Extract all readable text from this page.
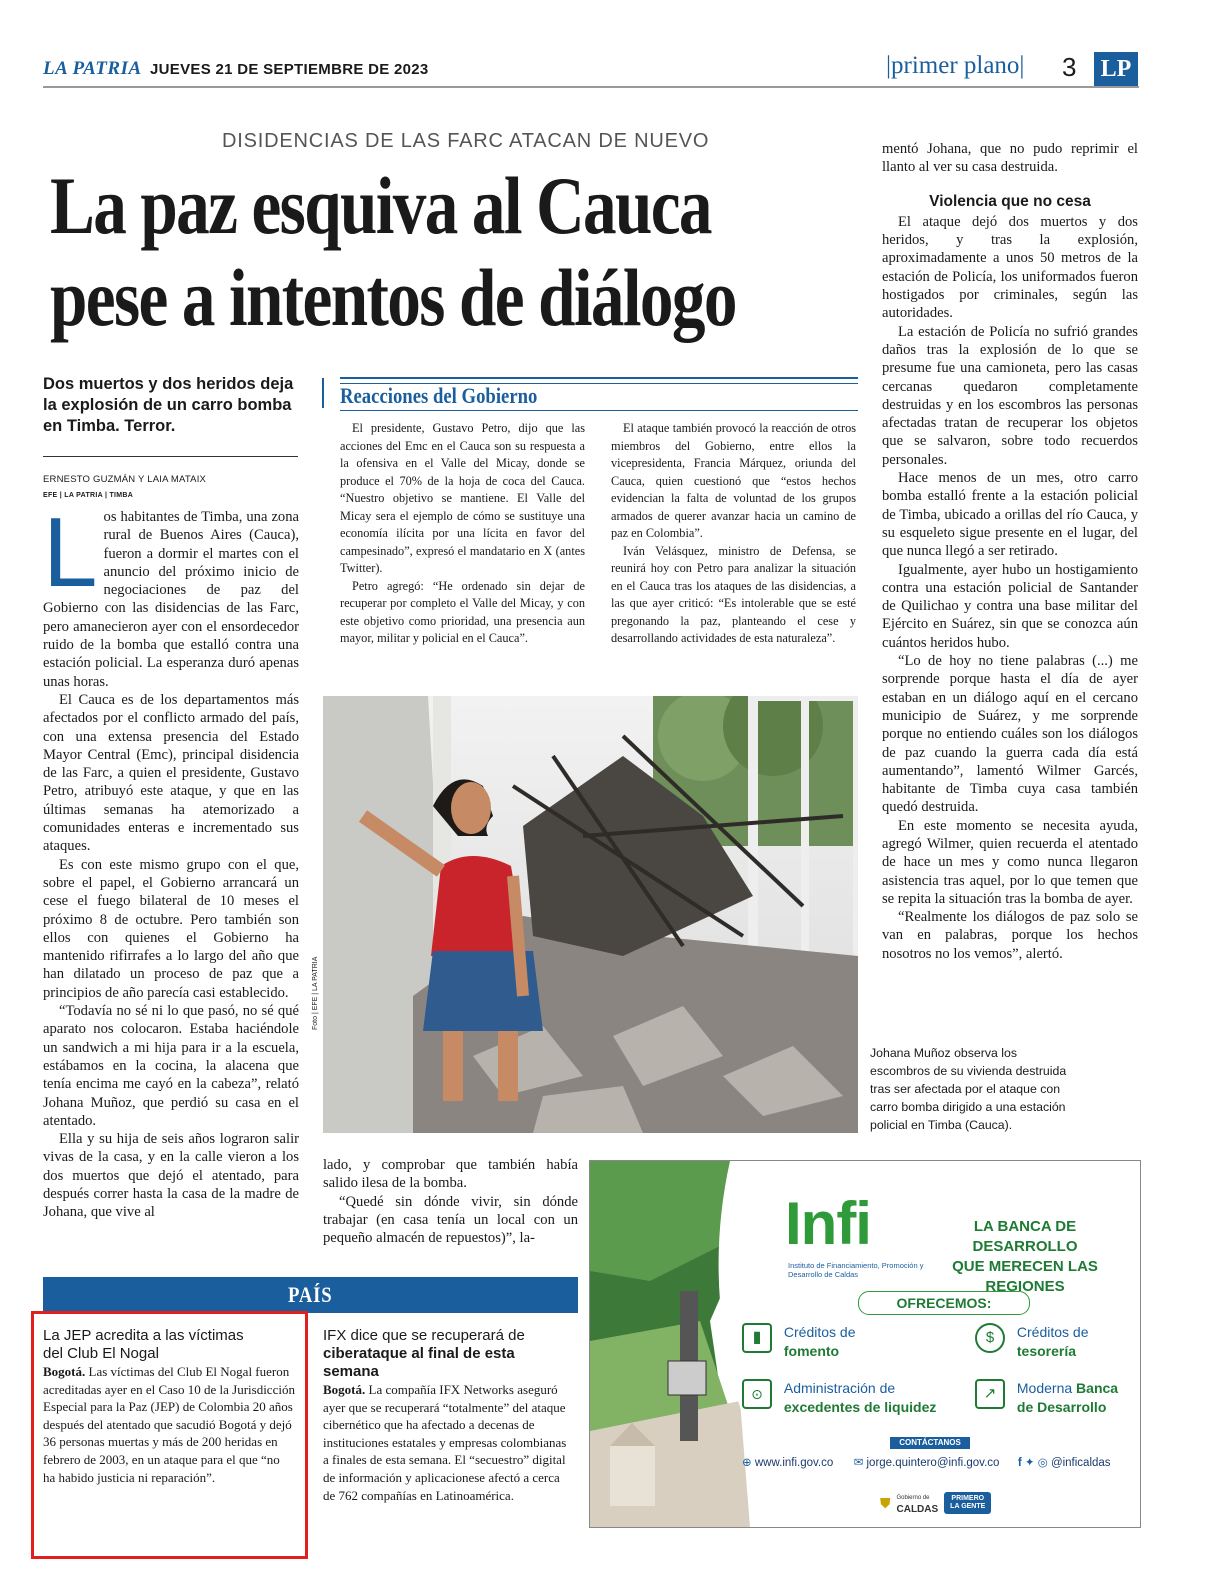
LA PATRIA JUEVES 21 DE SEPTIEMBRE DE 2023	|primer plano| 3 LP
DISIDENCIAS DE LAS FARC ATACAN DE NUEVO
La paz esquiva al Cauca
pese a intentos de diálogo
Dos muertos y dos heridos deja la explosión de un carro bomba en Timba. Terror.
ERNESTO GUZMÁN Y LAIA MATAIX
EFE | LA PATRIA | TIMBA
L os habitantes de Timba, una zona rural de Buenos Aires (Cauca), fueron a dormir el martes con el anuncio del próximo inicio de negociaciones de paz del Gobierno con las disidencias de las Farc, pero amanecieron ayer con el ensordecedor ruido de la bomba que estalló contra una estación policial. La esperanza duró apenas unas horas.

El Cauca es de los departamentos más afectados por el conflicto armado del país, con una extensa presencia del Estado Mayor Central (Emc), principal disidencia de las Farc, a quien el presidente, Gustavo Petro, atribuyó este ataque, y que en las últimas semanas ha atemorizado a comunidades enteras e incrementado sus ataques.

Es con este mismo grupo con el que, sobre el papel, el Gobierno arrancará un cese el fuego bilateral de 10 meses el próximo 8 de octubre. Pero también son ellos con quienes el Gobierno ha mantenido rifirrafes a lo largo del año que han dilatado un proceso de paz que a principios de año parecía casi establecido.

“Todavía no sé ni lo que pasó, no sé qué aparato nos colocaron. Estaba haciéndole un sandwich a mi hija para ir a la escuela, estábamos en la cocina, la alacena que tenía encima me cayó en la cabeza”, relató Johana Muñoz, que perdió su casa en el atentado.

Ella y su hija de seis años lograron salir vivas de la casa, y en la calle vieron a los dos muertos que dejó el atentado, para después correr hasta la casa de la madre de Johana, que vive al

Reacciones del Gobierno

El presidente, Gustavo Petro, dijo que las acciones del Emc en el Cauca son su respuesta a la ofensiva en el Valle del Micay, donde se produce el 70% de la hoja de coca del Cauca. “Nuestro objetivo se mantiene. El Valle del Micay sera el ejemplo de cómo se sustituye una economía ilícita por una lícita en favor del campesinado”, expresó el mandatario en X (antes Twitter).

Petro agregó: “He ordenado sin dejar de recuperar por completo el Valle del Micay, y con este objetivo como prioridad, una presencia aun mayor, militar y policial en el Cauca”.

El ataque también provocó la reacción de otros miembros del Gobierno, entre ellos la vicepresidenta, Francia Márquez, oriunda del Cauca, quien cuestionó que “estos hechos evidencian la falta de voluntad de los grupos armados de querer avanzar hacia un camino de paz en Colombia”.

Iván Velásquez, ministro de Defensa, se reunirá hoy con Petro para analizar la situación en el Cauca tras los ataques de las disidencias, a las que ayer criticó: “Es intolerable que se esté pregonando la paz, planteando el cese y desarrollando actividades de esta naturaleza”.

Foto | EFE | LA PATRIA
Johana Muñoz observa los escombros de su vivienda destruida tras ser afectada por el ataque con carro bomba dirigido a una estación policial en Timba (Cauca).

lado, y comprobar que también había salido ilesa de la bomba.

“Quedé sin dónde vivir, sin dónde trabajar (en casa tenía un local con un pequeño almacén de repuestos)”, la-

mentó Johana, que no pudo reprimir el llanto al ver su casa destruida.

Violencia que no cesa

El ataque dejó dos muertos y dos heridos, y tras la explosión, aproximadamente a unos 50 metros de la estación de Policía, los uniformados fueron hostigados por criminales, según las autoridades.

La estación de Policía no sufrió grandes daños tras la explosión de lo que se presume fue una camioneta, pero las casas cercanas quedaron completamente destruidas y en los escombros las personas afectadas tratan de recuperar los objetos que se salvaron, sobre todo recuerdos personales.

Hace menos de un mes, otro carro bomba estalló frente a la estación policial de Timba, ubicado a orillas del río Cauca, y su esqueleto sigue presente en el lugar, del que nunca llegó a ser retirado.

Igualmente, ayer hubo un hostigamiento contra una estación policial de Santander de Quilichao y contra una base militar del Ejército en Suárez, sin que se conozca aún cuántos heridos hubo.

“Lo de hoy no tiene palabras (...) me sorprende porque hasta el día de ayer estaban en un diálogo aquí en el cercano municipio de Suárez, y me sorprende porque no entiendo cuáles son los diálogos de paz cuando la guerra cada día está aumentando”, lamentó Wilmer Garcés, habitante de Timba cuya casa también quedó destruida.

En este momento se necesita ayuda, agregó Wilmer, quien recuerda el atentado de hace un mes y como nunca llegaron asistencia tras aquel, por lo que temen que se repita la situación tras la bomba de ayer.

“Realmente los diálogos de paz solo se van en palabras, porque los hechos nosotros no los vemos”, alertó.

PAÍS
La JEP acredita a las víctimas
del Club El Nogal
Bogotá. Las víctimas del Club El Nogal fueron acreditadas ayer en el Caso 10 de la Jurisdicción Especial para la Paz (JEP) de Colombia 20 años después del atentado que sacudió Bogotá y dejó 36 personas muertas y más de 200 heridas en febrero de 2003, en un ataque para el que “no ha habido justicia ni reparación”.
IFX dice que se recuperará de
ciberataque al final de esta semana
Bogotá. La compañía IFX Networks aseguró ayer que se recuperará “totalmente” del ataque cibernético que ha afectado a decenas de instituciones estatales y empresas colombianas a finales de esta semana. El “secuestro” digital de información y aplicacionese afectó a cerca de 762 compañías en Latinoamérica.
Infi
Instituto de Financiamiento, Promoción y Desarrollo de Caldas
LA BANCA DE DESARROLLO
QUE MERECEN LAS REGIONES
OFRECEMOS:
▮ Créditos de
fomento
$ Créditos de
tesorería
⊙ Administración de
excedentes de liquidez
↗ Moderna Banca
de Desarrollo
CONTÁCTANOS
⊕ www.infi.gov.co ✉ jorge.quintero@infi.gov.co f ✦ ◎ @inficaldas
⛊ Gobierno de
CALDAS
PRIMERO
LA GENTE
